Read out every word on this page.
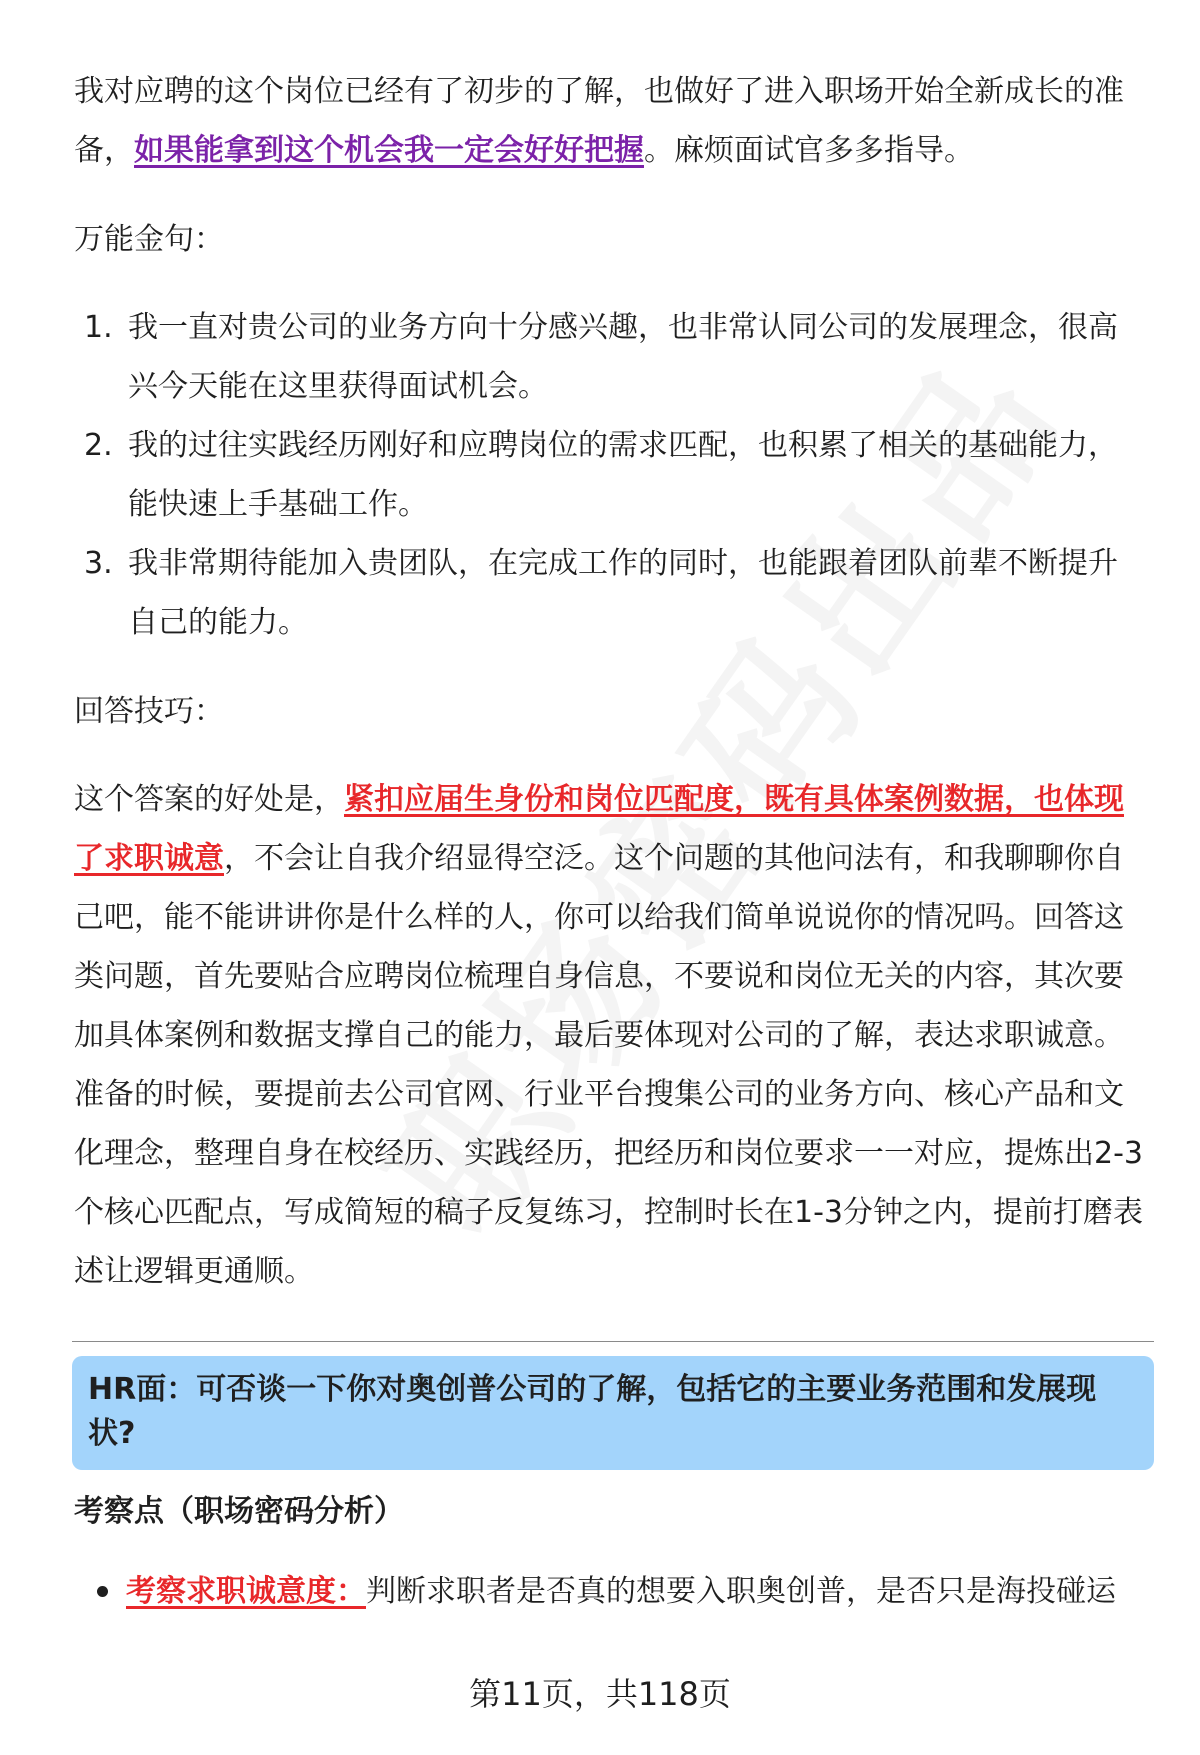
我对应聘的这个岗位已经有了初步的了解，也做好了进入职场开始全新成长的准备，如果能拿到这个机会我一定会好好把握。麻烦面试官多多指导。

万能金句：

1. 我一直对贵公司的业务方向十分感兴趣，也非常认同公司的发展理念，很高兴今天能在这里获得面试机会。
2. 我的过往实践经历刚好和应聘岗位的需求匹配，也积累了相关的基础能力，能快速上手基础工作。
3. 我非常期待能加入贵团队，在完成工作的同时，也能跟着团队前辈不断提升自己的能力。

回答技巧：

这个答案的好处是，紧扣应届生身份和岗位匹配度，既有具体案例数据，也体现了求职诚意，不会让自我介绍显得空泛。这个问题的其他问法有，和我聊聊你自己吧，能不能讲讲你是什么样的人，你可以给我们简单说说你的情况吗。回答这类问题，首先要贴合应聘岗位梳理自身信息，不要说和岗位无关的内容，其次要加具体案例和数据支撑自己的能力，最后要体现对公司的了解，表达求职诚意。准备的时候，要提前去公司官网、行业平台搜集公司的业务方向、核心产品和文化理念，整理自身在校经历、实践经历，把经历和岗位要求一一对应，提炼出2-3个核心匹配点，写成简短的稿子反复练习，控制时长在1-3分钟之内，提前打磨表述让逻辑更通顺。

HR面：可否谈一下你对奥创普公司的了解，包括它的主要业务范围和发展现状?
考察点（职场密码分析）
考察求职诚意度：判断求职者是否真的想要入职奥创普，是否只是海投碰运
第11页，共118页
